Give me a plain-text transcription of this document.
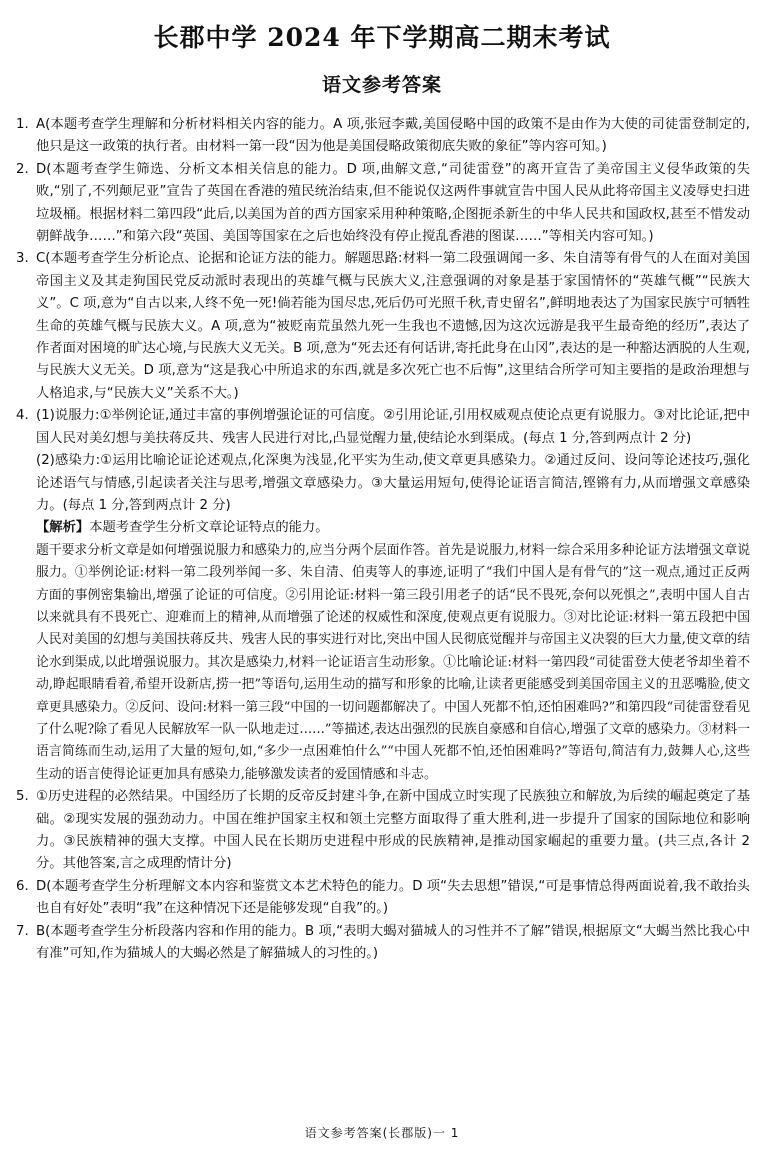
长郡中学 2024 年下学期高二期末考试
语文参考答案
1. A(本题考查学生理解和分析材料相关内容的能力。A 项,张冠李戴,美国侵略中国的政策不是由作为大使的司徒雷登制定的,他只是这一政策的执行者。由材料一第一段“因为他是美国侵略政策彻底失败的象征”等内容可知。)

2. D(本题考查学生筛选、分析文本相关信息的能力。D 项,曲解文意,“司徒雷登”的离开宣告了美帝国主义侵华政策的失败,“别了,不列颠尼亚”宣告了英国在香港的殖民统治结束,但不能说仅这两件事就宣告中国人民从此将帝国主义凌辱史扫进垃圾桶。根据材料二第四段“此后,以美国为首的西方国家采用种种策略,企图扼杀新生的中华人民共和国政权,甚至不惜发动朝鲜战争……”和第六段“英国、美国等国家在之后也始终没有停止搅乱香港的图谋……”等相关内容可知。)

3. C(本题考查学生分析论点、论据和论证方法的能力。解题思路:材料一第二段强调闻一多、朱自清等有骨气的人在面对美国帝国主义及其走狗国民党反动派时表现出的英雄气概与民族大义,注意强调的对象是基于家国情怀的“英雄气概”“民族大义”。C 项,意为“自古以来,人终不免一死!倘若能为国尽忠,死后仍可光照千秋,青史留名”,鲜明地表达了为国家民族宁可牺牲生命的英雄气概与民族大义。A 项,意为“被贬南荒虽然九死一生我也不遗憾,因为这次远游是我平生最奇绝的经历”,表达了作者面对困境的旷达心境,与民族大义无关。B 项,意为“死去还有何话讲,寄托此身在山冈”,表达的是一种豁达洒脱的人生观,与民族大义无关。D 项,意为“这是我心中所追求的东西,就是多次死亡也不后悔”,这里结合所学可知主要指的是政治理想与人格追求,与“民族大义”关系不大。)

4. (1)说服力:①举例论证,通过丰富的事例增强论证的可信度。②引用论证,引用权威观点使论点更有说服力。③对比论证,把中国人民对美幻想与美扶蒋反共、残害人民进行对比,凸显觉醒力量,使结论水到渠成。(每点 1 分,答到两点计 2 分)

(2)感染力:①运用比喻论证论述观点,化深奥为浅显,化平实为生动,使文章更具感染力。②通过反问、设问等论述技巧,强化论述语气与情感,引起读者关注与思考,增强文章感染力。③大量运用短句,使得论证语言简洁,铿锵有力,从而增强文章感染力。(每点 1 分,答到两点计 2 分)

【解析】本题考查学生分析文章论证特点的能力。

题干要求分析文章是如何增强说服力和感染力的,应当分两个层面作答。首先是说服力,材料一综合采用多种论证方法增强文章说服力。①举例论证:材料一第二段列举闻一多、朱自清、伯夷等人的事迹,证明了“我们中国人是有骨气的”这一观点,通过正反两方面的事例密集输出,增强了论证的可信度。②引用论证:材料一第三段引用老子的话“民不畏死,奈何以死惧之”,表明中国人自古以来就具有不畏死亡、迎难而上的精神,从而增强了论述的权威性和深度,使观点更有说服力。③对比论证:材料一第五段把中国人民对美国的幻想与美国扶蒋反共、残害人民的事实进行对比,突出中国人民彻底觉醒并与帝国主义决裂的巨大力量,使文章的结论水到渠成,以此增强说服力。其次是感染力,材料一论证语言生动形象。①比喻论证:材料一第四段“司徒雷登大使老爷却坐着不动,睁起眼睛看着,希望开设新店,捞一把”等语句,运用生动的描写和形象的比喻,让读者更能感受到美国帝国主义的丑恶嘴脸,使文章更具感染力。②反问、设问:材料一第三段“中国的一切问题都解决了。中国人死都不怕,还怕困难吗?”和第四段“司徒雷登看见了什么呢?除了看见人民解放军一队一队地走过……”等描述,表达出强烈的民族自豪感和自信心,增强了文章的感染力。③材料一语言简练而生动,运用了大量的短句,如,“多少一点困难怕什么”“中国人死都不怕,还怕困难吗?”等语句,简洁有力,鼓舞人心,这些生动的语言使得论证更加具有感染力,能够激发读者的爱国情感和斗志。

5. ①历史进程的必然结果。中国经历了长期的反帝反封建斗争,在新中国成立时实现了民族独立和解放,为后续的崛起奠定了基础。②现实发展的强劲动力。中国在维护国家主权和领土完整方面取得了重大胜利,进一步提升了国家的国际地位和影响力。③民族精神的强大支撑。中国人民在长期历史进程中形成的民族精神,是推动国家崛起的重要力量。(共三点,各计 2 分。其他答案,言之成理酌情计分)

6. D(本题考查学生分析理解文本内容和鉴赏文本艺术特色的能力。D 项“失去思想”错误,“可是事情总得两面说着,我不敢抬头也自有好处”表明“我”在这种情况下还是能够发现“自我”的。)

7. B(本题考查学生分析段落内容和作用的能力。B 项,“表明大蝎对猫城人的习性并不了解”错误,根据原文“大蝎当然比我心中有准”可知,作为猫城人的大蝎必然是了解猫城人的习性的。)

语文参考答案(长郡版)一 1
